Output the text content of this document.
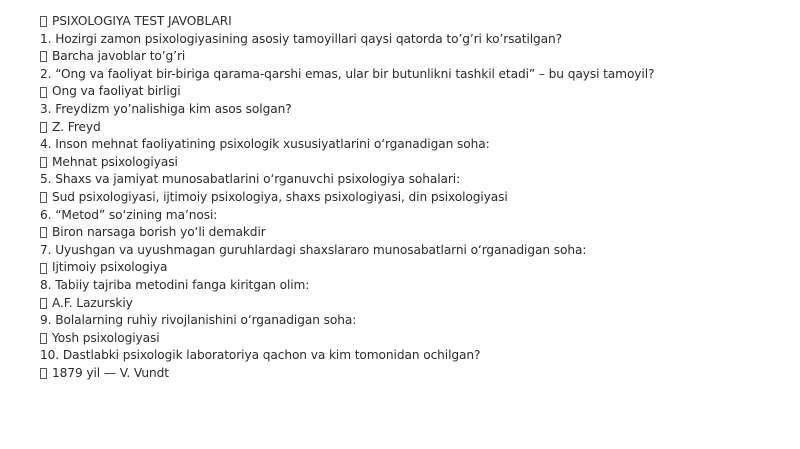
PSIXOLOGIYA TEST JAVOBLARI
1. Hozirgi zamon psixologiyasining asosiy tamoyillari qaysi qatorda to’g’ri ko’rsatilgan?
Barcha javoblar to’g’ri
2. “Ong va faoliyat bir-biriga qarama-qarshi emas, ular bir butunlikni tashkil etadi” – bu qaysi tamoyil?
Ong va faoliyat birligi
3. Freydizm yo’nalishiga kim asos solgan?
Z. Freyd
4. Inson mehnat faoliyatining psixologik xususiyatlarini o‘rganadigan soha:
Mehnat psixologiyasi
5. Shaxs va jamiyat munosabatlarini o‘rganuvchi psixologiya sohalari:
Sud psixologiyasi, ijtimoiy psixologiya, shaxs psixologiyasi, din psixologiyasi
6. “Metod” so‘zining ma’nosi:
Biron narsaga borish yo‘li demakdir
7. Uyushgan va uyushmagan guruhlardagi shaxslararo munosabatlarni o‘rganadigan soha:
Ijtimoiy psixologiya
8. Tabiiy tajriba metodini fanga kiritgan olim:
A.F. Lazurskiy
9. Bolalarning ruhiy rivojlanishini o‘rganadigan soha:
Yosh psixologiyasi
10. Dastlabki psixologik laboratoriya qachon va kim tomonidan ochilgan?
1879 yil — V. Vundt
